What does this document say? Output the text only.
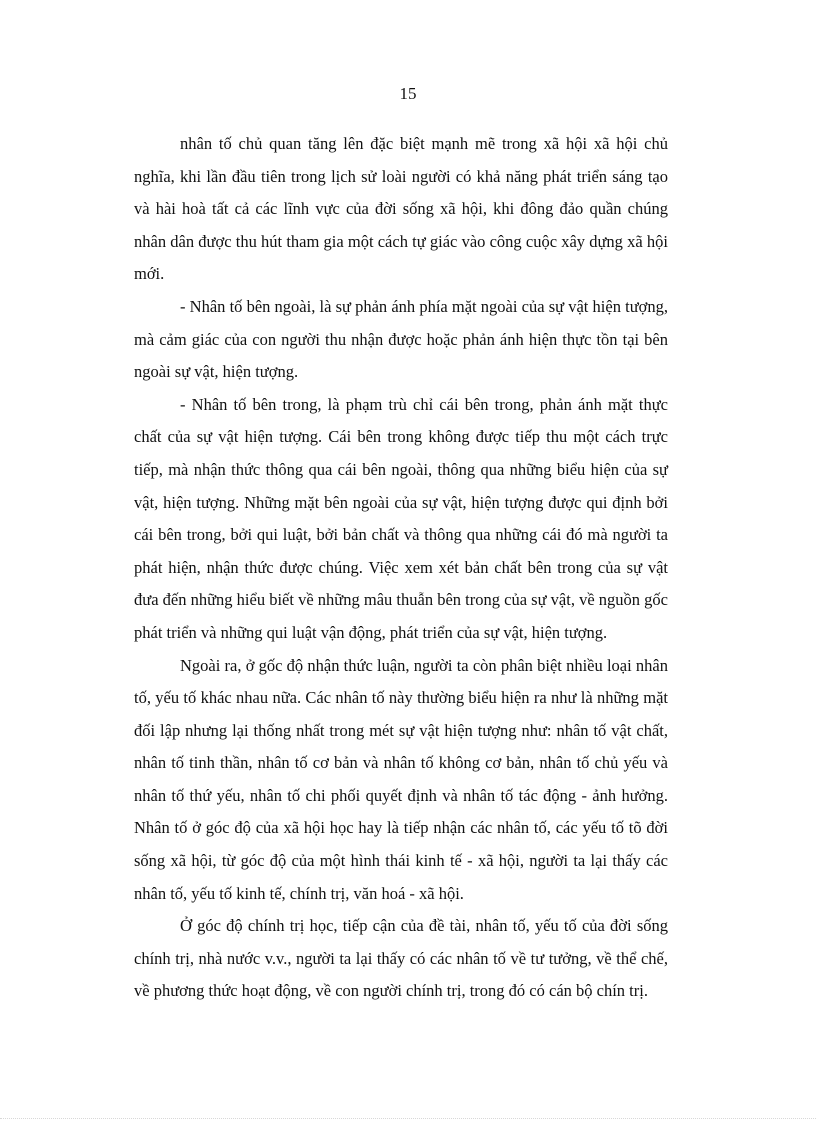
15

nhân tố chủ quan tăng lên đặc biệt mạnh mẽ trong xã hội xã hội chủ nghĩa, khi lần đầu tiên trong lịch sử loài người có khả năng phát triển sáng tạo và hài hoà tất cả các lĩnh vực của đời sống xã hội, khi đông đảo quần chúng nhân dân được thu hút tham gia một cách tự giác vào công cuộc xây dựng xã hội mới.

- Nhân tố bên ngoài, là sự phản ánh phía mặt ngoài của sự vật hiện tượng, mà cảm giác của con người thu nhận được hoặc phản ánh hiện thực tồn tại bên ngoài sự vật, hiện tượng.

- Nhân tố bên trong, là phạm trù chỉ cái bên trong, phản ánh mặt thực chất của sự vật hiện tượng. Cái bên trong không được tiếp thu một cách trực tiếp, mà nhận thức thông qua cái bên ngoài, thông qua những biểu hiện của sự vật, hiện tượng. Những mặt bên ngoài của sự vật, hiện tượng được qui định bởi cái bên trong, bởi qui luật, bởi bản chất và thông qua những cái đó mà người ta phát hiện, nhận thức được chúng. Việc xem xét bản chất bên trong của sự vật đưa đến những hiểu biết về những mâu thuẫn bên trong của sự vật, về nguồn gốc phát triển và những qui luật vận động, phát triển của sự vật, hiện tượng.

Ngoài ra, ở gốc độ nhận thức luận, người ta còn phân biệt nhiều loại nhân tố, yếu tố khác nhau nữa. Các nhân tố này thường biểu hiện ra như là những mặt đối lập nhưng lại thống nhất trong mét sự vật hiện tượng như: nhân tố vật chất, nhân tố tinh thần, nhân tố cơ bản và nhân tố không cơ bản, nhân tố chủ yếu và nhân tố thứ yếu, nhân tố chi phối quyết định và nhân tố tác động - ảnh hưởng. Nhân tố ở góc độ của xã hội học hay là tiếp nhận các nhân tố, các yếu tố tõ đời sống xã hội, từ góc độ của một hình thái kinh tế - xã hội, người ta lại thấy các nhân tố, yếu tố kinh tế, chính trị, văn hoá - xã hội.

Ở góc độ chính trị học, tiếp cận của đề tài, nhân tố, yếu tố của đời sống chính trị, nhà nước v.v., người ta lại thấy có các nhân tố về tư tưởng, về thể chế, về phương thức hoạt động, về con người chính trị, trong đó có cán bộ chín trị.
